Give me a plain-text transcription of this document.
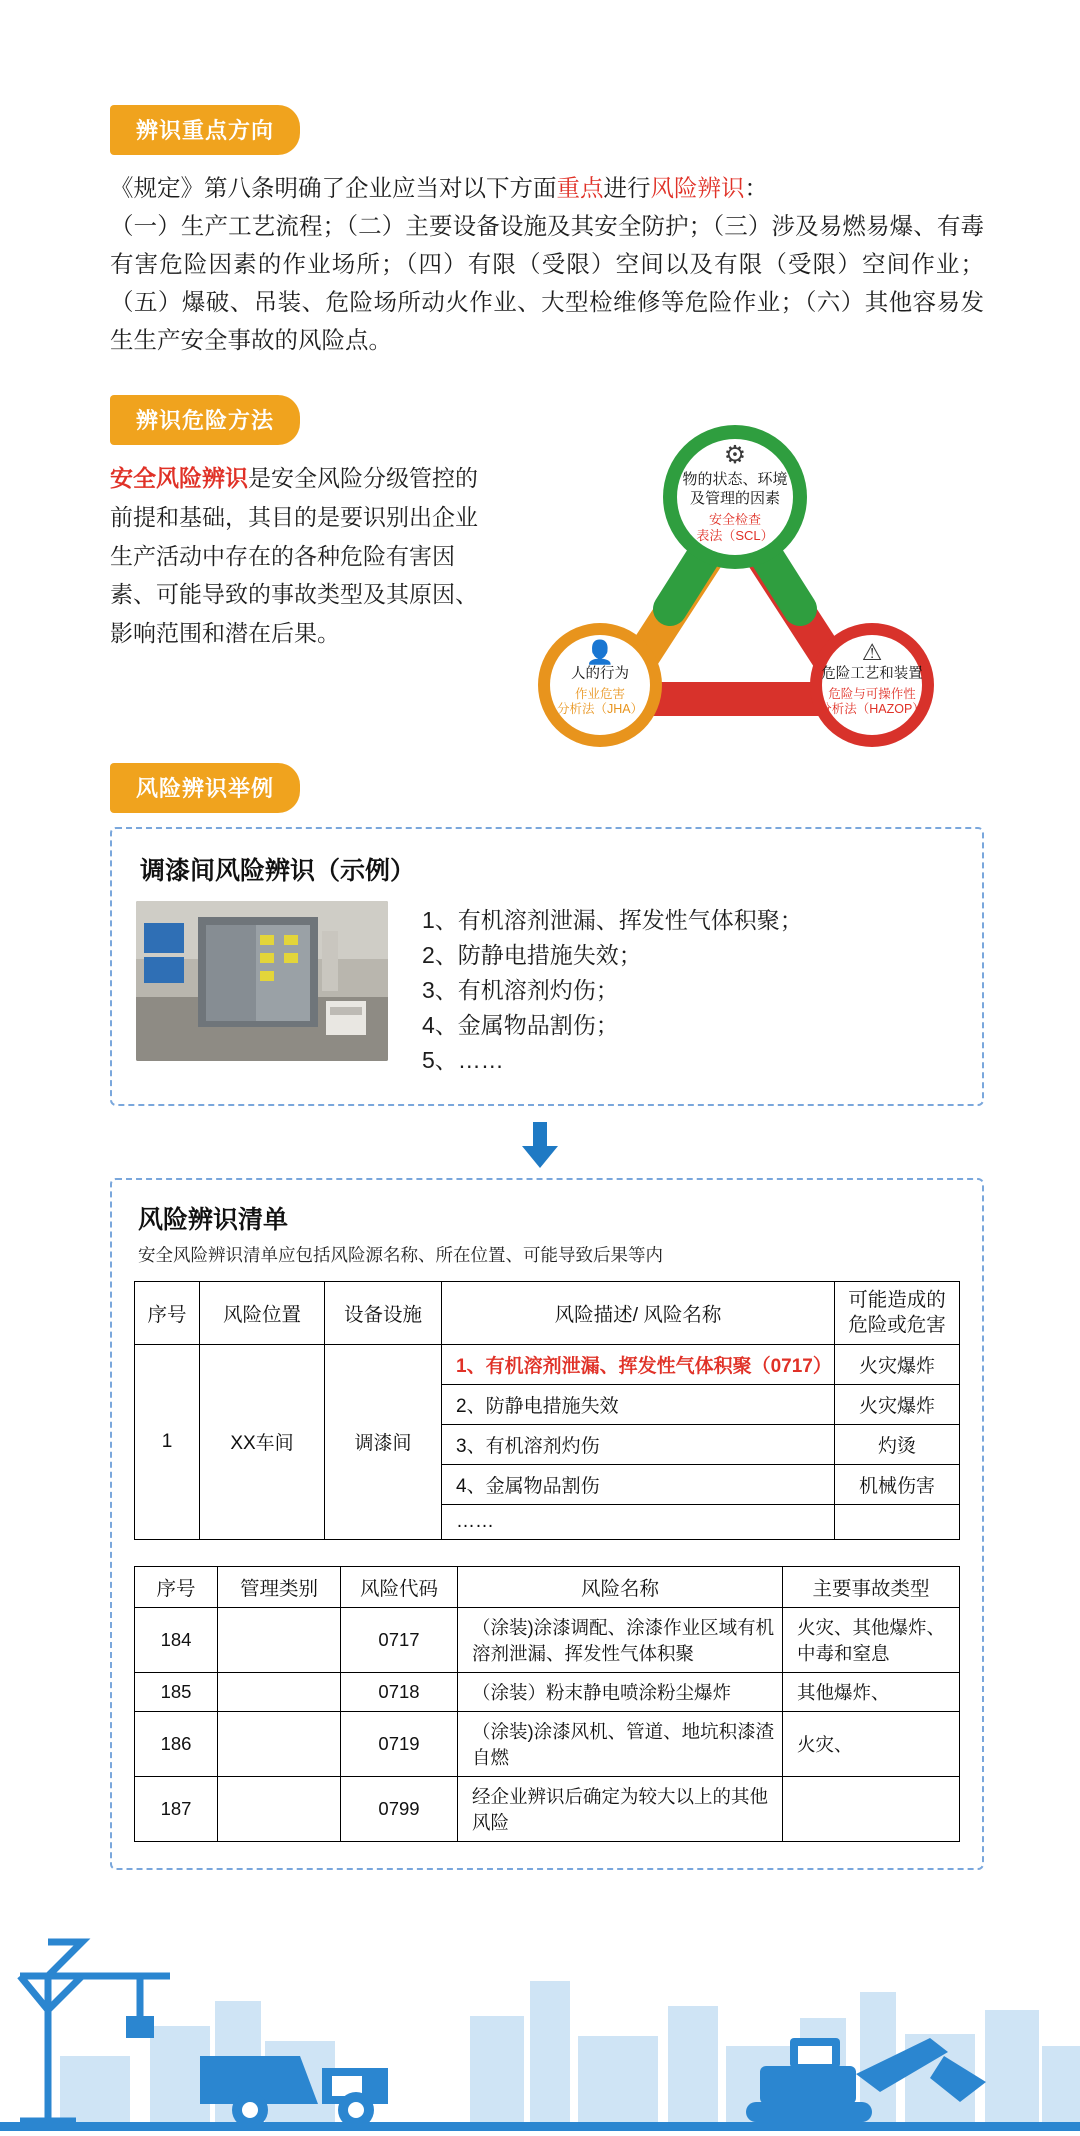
辨识重点方向
《规定》第八条明确了企业应当对以下方面重点进行风险辨识：
（一）生产工艺流程；（二）主要设备设施及其安全防护；（三）涉及易燃易爆、有毒有害危险因素的作业场所；（四）有限（受限）空间以及有限（受限）空间作业；（五）爆破、吊装、危险场所动火作业、大型检维修等危险作业；（六）其他容易发生生产安全事故的风险点。
辨识危险方法
安全风险辨识是安全风险分级管控的前提和基础，其目的是要识别出企业生产活动中存在的各种危险有害因素、可能导致的事故类型及其原因、影响范围和潜在后果。
⚙
物的状态、环境
及管理的因素
安全检查
表法（SCL）
👤
人的行为
作业危害
分析法（JHA）
⚠
危险工艺和装置
危险与可操作性
分析法（HAZOP）
风险辨识举例
调漆间风险辨识（示例）
1、有机溶剂泄漏、挥发性气体积聚；
2、防静电措施失效；
3、有机溶剂灼伤；
4、金属物品割伤；
5、……
风险辨识清单
安全风险辨识清单应包括风险源名称、所在位置、可能导致后果等内
序号	风险位置	设备设施	风险描述/ 风险名称	可能造成的危险或危害
1	XX车间	调漆间	1、有机溶剂泄漏、挥发性气体积聚（0717）	火灾爆炸
			2、防静电措施失效	火灾爆炸
			3、有机溶剂灼伤	灼烫
			4、金属物品割伤	机械伤害
			……	
序号	管理类别	风险代码	风险名称	主要事故类型
184		0717	（涂装)涂漆调配、涂漆作业区域有机溶剂泄漏、挥发性气体积聚	火灾、其他爆炸、中毒和窒息
185		0718	（涂装）粉末静电喷涂粉尘爆炸	其他爆炸、
186		0719	（涂装)涂漆风机、管道、地坑积漆渣自燃	火灾、
187		0799	经企业辨识后确定为较大以上的其他风险	
